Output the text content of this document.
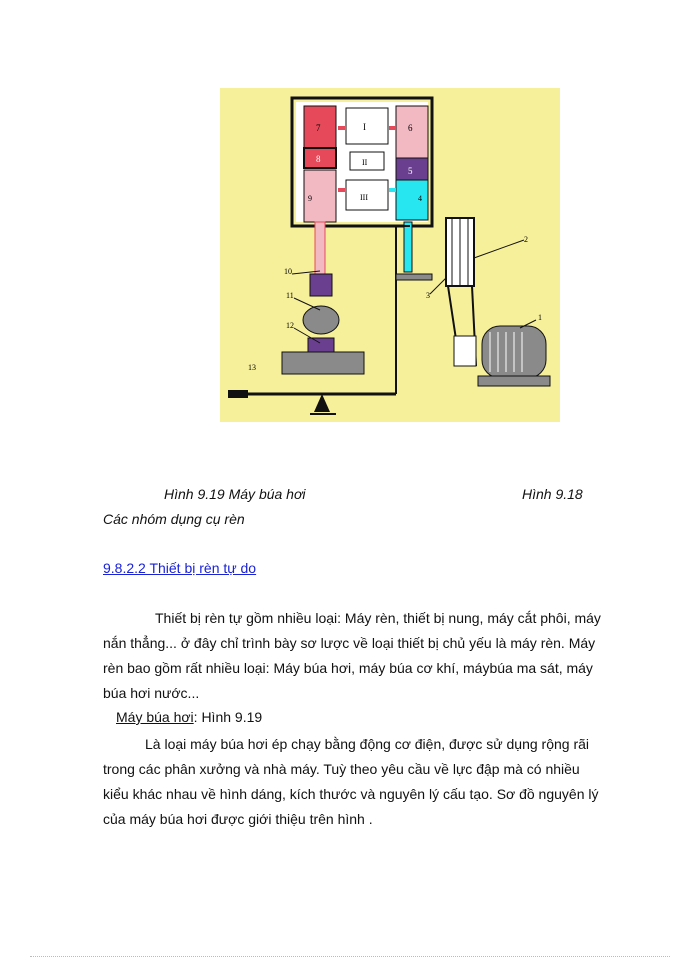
7
8
9
6
5
4
I
II
III
10
11
12
13
2
3
1
Hình 9.19 Máy búa hơi	Hình 9.18
Các nhóm dụng cụ rèn
9.8.2.2 Thiết bị rèn tự do
Thiết bị rèn tự gồm nhiều loại: Máy rèn, thiết bị nung, máy cắt phôi, máy nắn thẳng... ở đây chỉ trình bày sơ lược về loại thiết bị chủ yếu là máy rèn. Máy rèn bao gồm rất nhiều loại: Máy búa hơi, máy búa cơ khí, máybúa ma sát, máy búa hơi nước...
Máy búa hơi: Hình 9.19
Là loại máy búa hơi ép chạy bằng động cơ điện, được sử dụng rộng rãi trong các phân xưởng và nhà máy. Tuỳ theo yêu cầu về lực đập mà có nhiều kiểu khác nhau về hình dáng, kích thước và nguyên lý cấu tạo. Sơ đồ nguyên lý của máy búa hơi được giới thiệu trên hình .
